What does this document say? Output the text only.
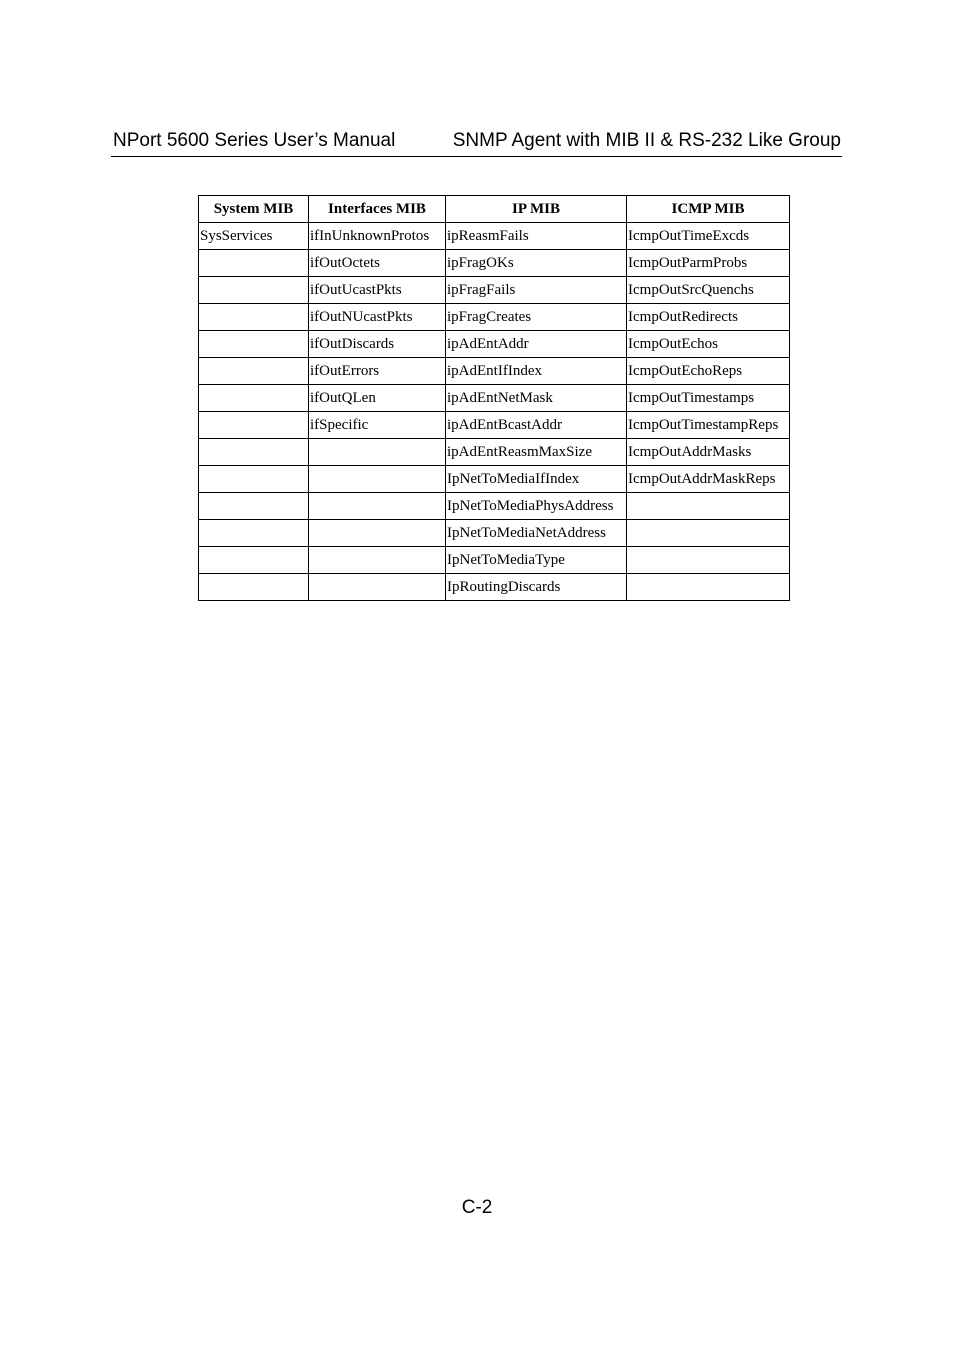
NPort 5600 Series User’s Manual	SNMP Agent with MIB II & RS-232 Like Group
System MIB	Interfaces MIB	IP MIB	ICMP MIB
SysServices	ifInUnknownProtos	ipReasmFails	IcmpOutTimeExcds
	ifOutOctets	ipFragOKs	IcmpOutParmProbs
	ifOutUcastPkts	ipFragFails	IcmpOutSrcQuenchs
	ifOutNUcastPkts	ipFragCreates	IcmpOutRedirects
	ifOutDiscards	ipAdEntAddr	IcmpOutEchos
	ifOutErrors	ipAdEntIfIndex	IcmpOutEchoReps
	ifOutQLen	ipAdEntNetMask	IcmpOutTimestamps
	ifSpecific	ipAdEntBcastAddr	IcmpOutTimestampReps
		ipAdEntReasmMaxSize	IcmpOutAddrMasks
		IpNetToMediaIfIndex	IcmpOutAddrMaskReps
		IpNetToMediaPhysAddress	
		IpNetToMediaNetAddress	
		IpNetToMediaType	
		IpRoutingDiscards	
C-2
